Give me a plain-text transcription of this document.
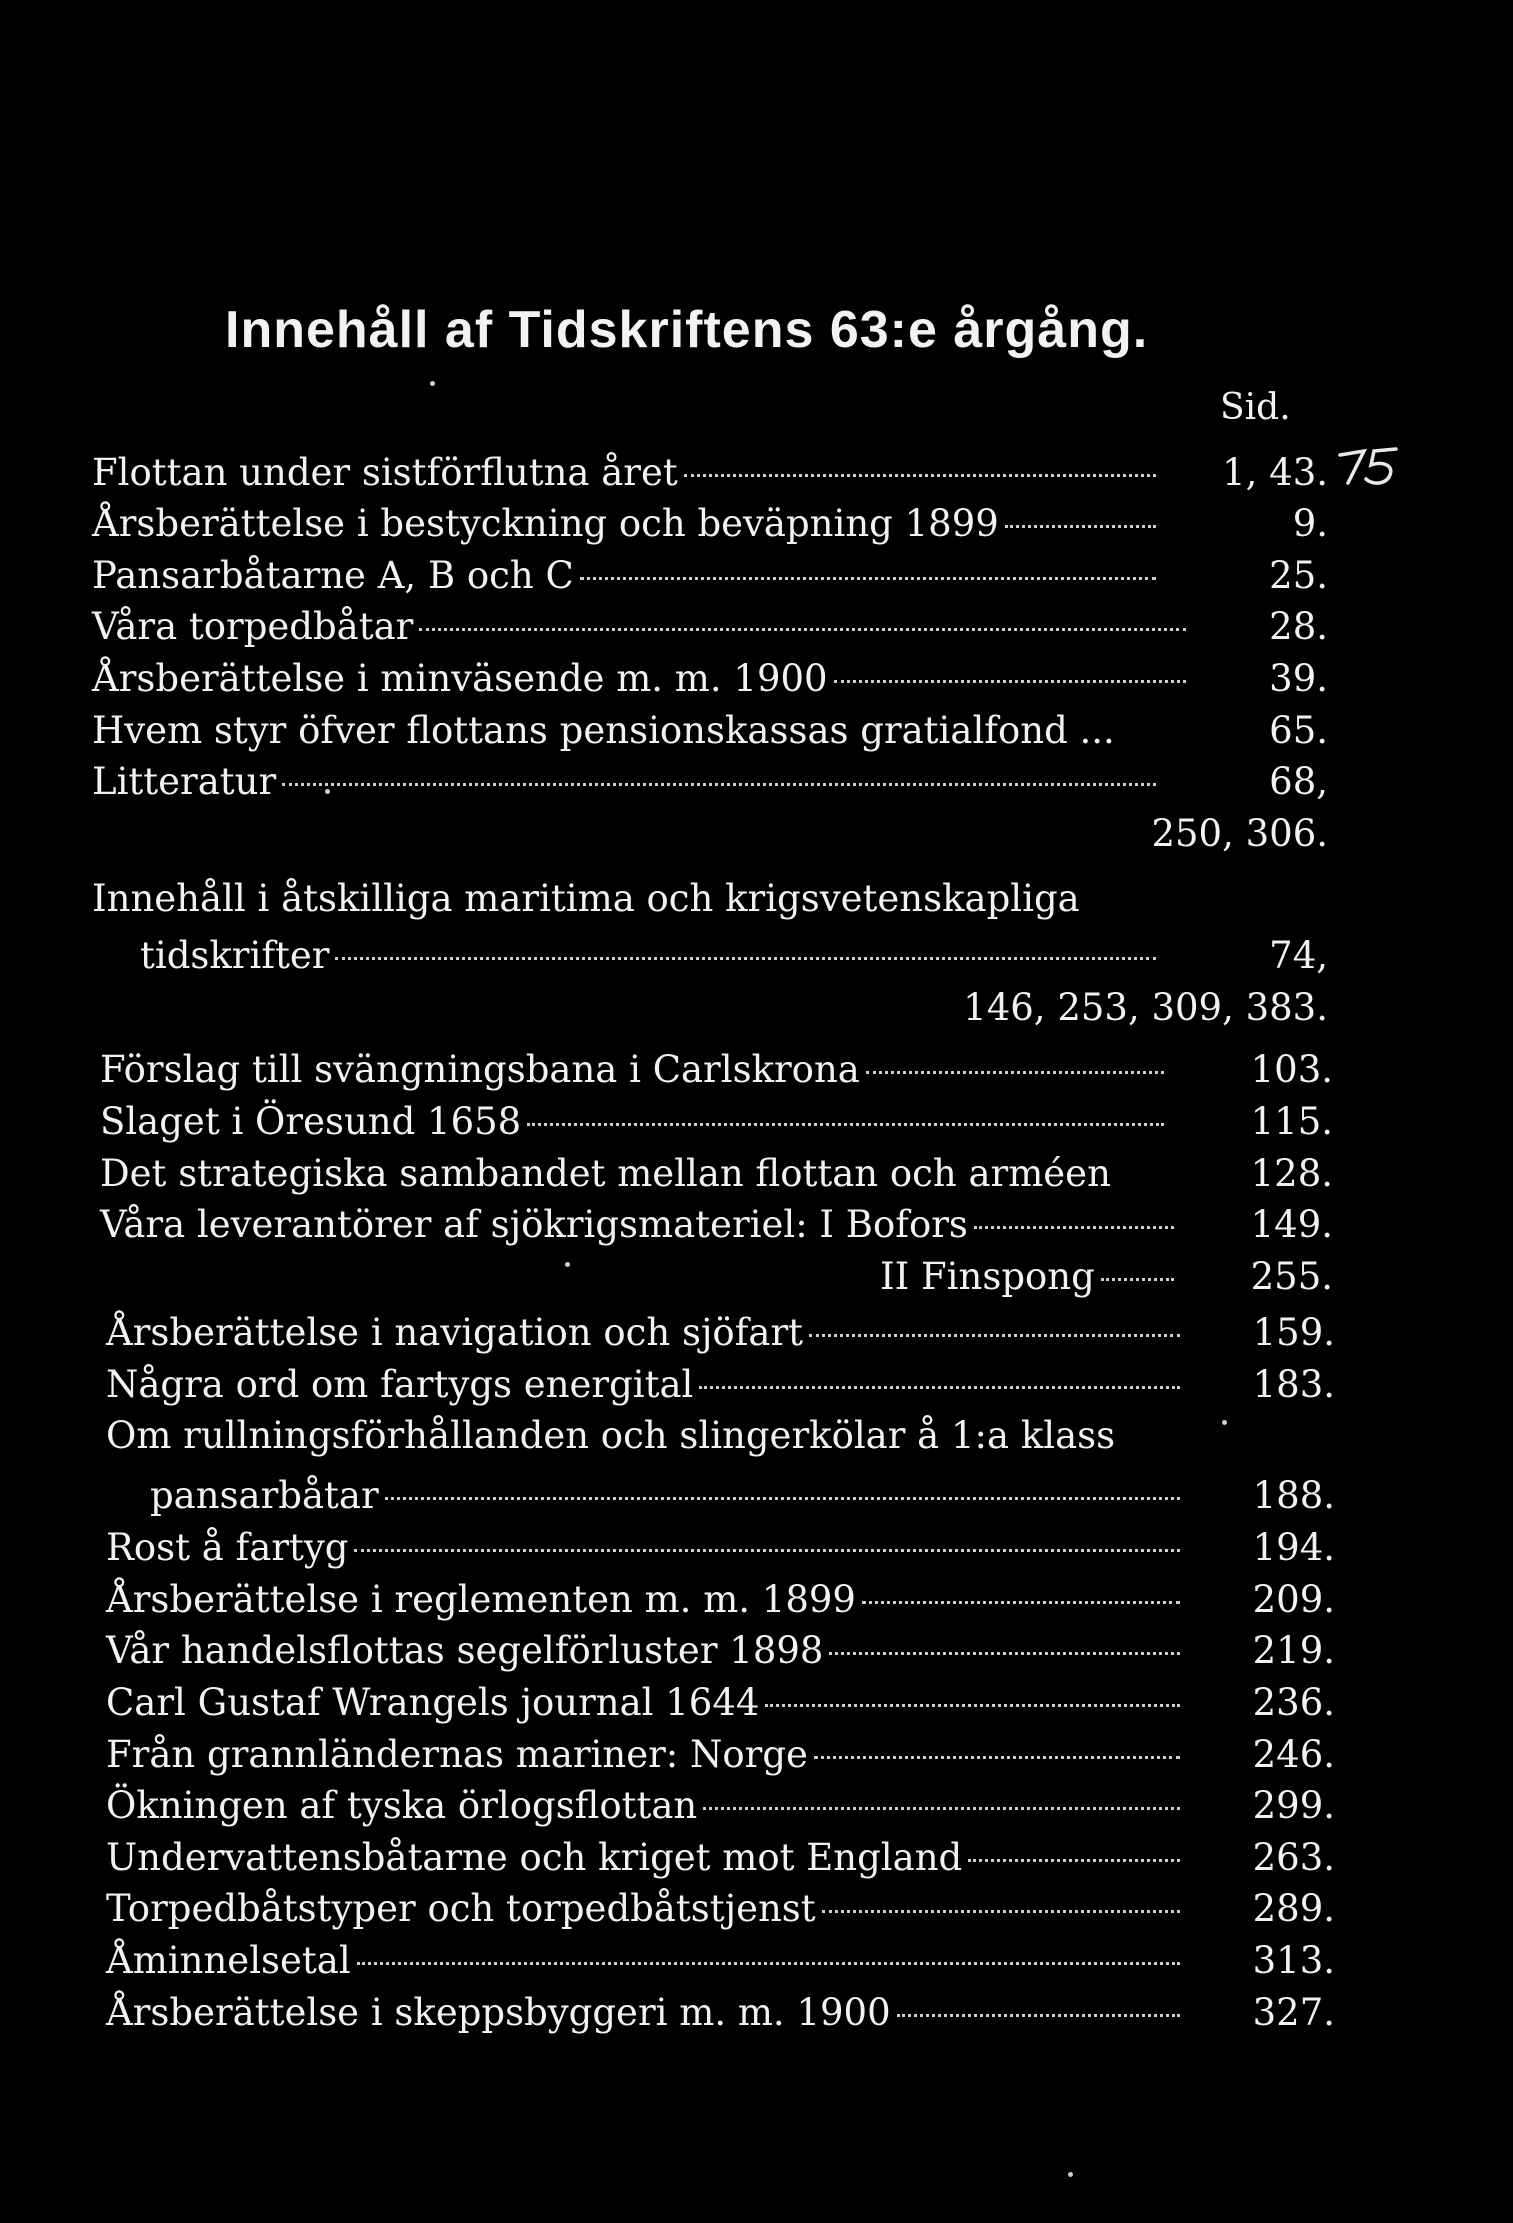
Innehåll af Tidskriftens 63:e årgång.
Sid.
Flottan under sistförflutna året	1, 43.
Årsberättelse i bestyckning och beväpning 1899	9.
Pansarbåtarne A, B och C	25.
Våra torpedbåtar	28.
Årsberättelse i minväsende m. m. 1900	39.
Hvem styr öfver flottans pensionskassas gratialfond ...	65.
Litteratur	68,
250, 306.
Innehåll i åtskilliga maritima och krigsvetenskapliga
tidskrifter	74,
146, 253, 309, 383.
Förslag till svängningsbana i Carlskrona	103.
Slaget i Öresund 1658	115.
Det strategiska sambandet mellan flottan och arméen	128.
Våra leverantörer af sjökrigsmateriel: I Bofors	149.
II Finspong	255.
Årsberättelse i navigation och sjöfart	159.
Några ord om fartygs energital	183.
Om rullningsförhållanden och slingerkölar å 1:a klass
pansarbåtar	188.
Rost å fartyg	194.
Årsberättelse i reglementen m. m. 1899	209.
Vår handelsflottas segelförluster 1898	219.
Carl Gustaf Wrangels journal 1644	236.
Från grannländernas mariner: Norge	246.
Ökningen af tyska örlogsflottan	299.
Undervattensbåtarne och kriget mot England	263.
Torpedbåtstyper och torpedbåtstjenst	289.
Åminnelsetal	313.
Årsberättelse i skeppsbyggeri m. m. 1900	327.
